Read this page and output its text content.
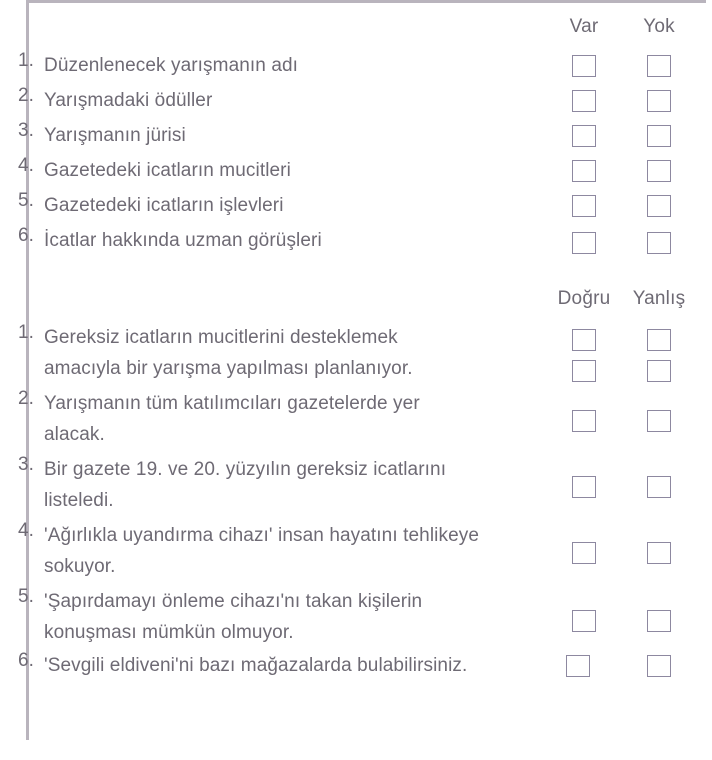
Var	Yok
1. Düzenlenecek yarışmanın adı
2. Yarışmadaki ödüller
3. Yarışmanın jürisi
4. Gazetedeki icatların mucitleri
5. Gazetedeki icatların işlevleri
6. İcatlar hakkında uzman görüşleri
Doğru	Yanlış
1. Gereksiz icatların mucitlerini desteklemek
amacıyla bir yarışma yapılması planlanıyor.
2. Yarışmanın tüm katılımcıları gazetelerde yer
alacak.
3. Bir gazete 19. ve 20. yüzyılın gereksiz icatlarını
listeledi.
4. 'Ağırlıkla uyandırma cihazı' insan hayatını tehlikeye
sokuyor.
5. 'Şapırdamayı önleme cihazı'nı takan kişilerin
konuşması mümkün olmuyor.
6. 'Sevgili eldiveni'ni bazı mağazalarda bulabilirsiniz.
